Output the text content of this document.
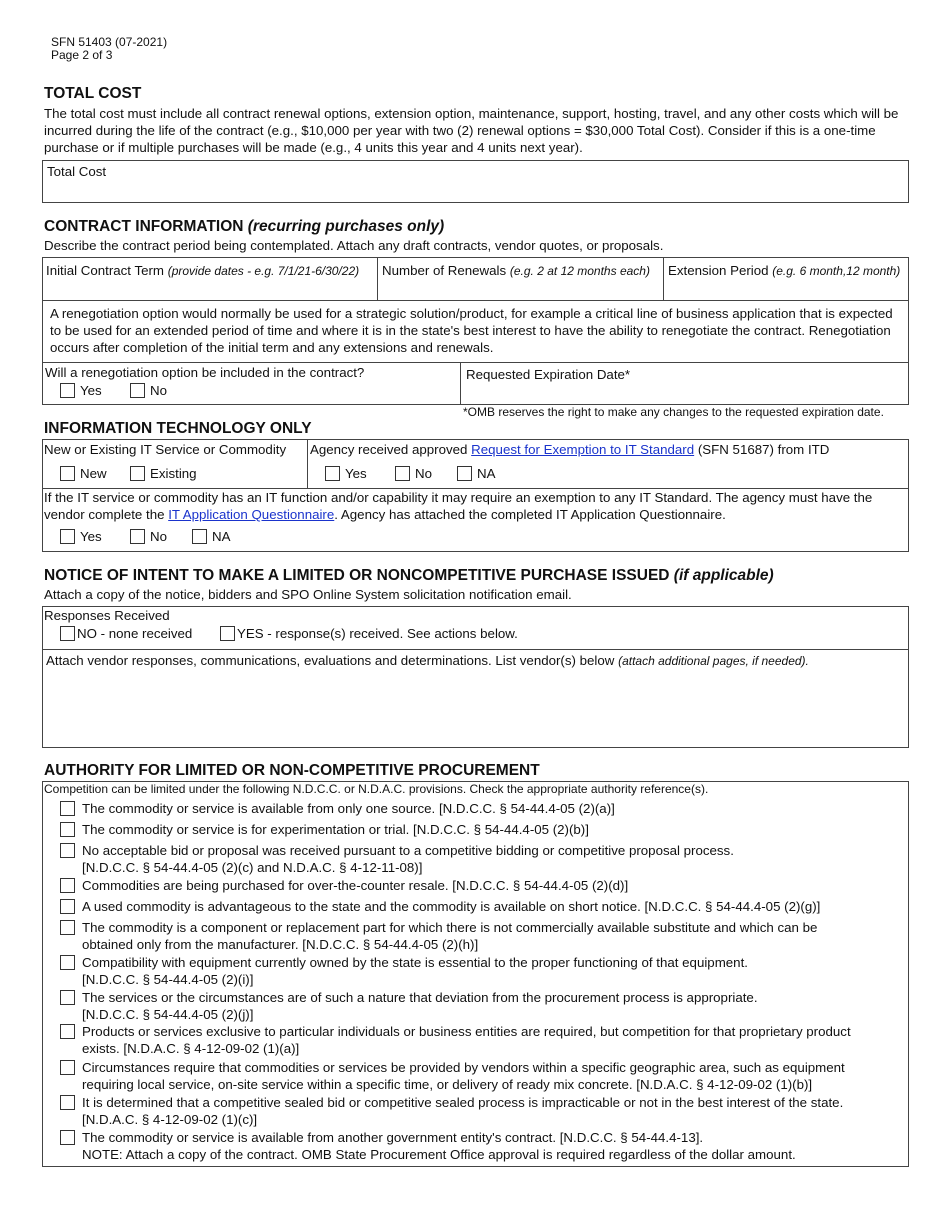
SFN 51403 (07-2021)
Page 2 of 3
TOTAL COST
The total cost must include all contract renewal options, extension option, maintenance, support, hosting, travel, and any other costs which will be incurred during the life of the contract (e.g., $10,000 per year with two (2) renewal options = $30,000 Total Cost). Consider if this is a one-time purchase or if multiple purchases will be made (e.g., 4 units this year and 4 units next year).
Total Cost
CONTRACT INFORMATION (recurring purchases only)
Describe the contract period being contemplated. Attach any draft contracts, vendor quotes, or proposals.
Initial Contract Term (provide dates - e.g. 7/1/21-6/30/22) Number of Renewals (e.g. 2 at 12 months each) Extension Period (e.g. 6 month,12 month)
A renegotiation option would normally be used for a strategic solution/product, for example a critical line of business application that is expected to be used for an extended period of time and where it is in the state's best interest to have the ability to renegotiate the contract. Renegotiation occurs after completion of the initial term and any extensions and renewals.
Will a renegotiation option be included in the contract?
Yes	No
Requested Expiration Date*
*OMB reserves the right to make any changes to the requested expiration date.
INFORMATION TECHNOLOGY ONLY
New or Existing IT Service or Commodity
New	Existing
Agency received approved Request for Exemption to IT Standard (SFN 51687) from ITD
Yes	No	NA
If the IT service or commodity has an IT function and/or capability it may require an exemption to any IT Standard. The agency must have the vendor complete the IT Application Questionnaire. Agency has attached the completed IT Application Questionnaire.
Yes	No	NA
NOTICE OF INTENT TO MAKE A LIMITED OR NONCOMPETITIVE PURCHASE ISSUED (if applicable)
Attach a copy of the notice, bidders and SPO Online System solicitation notification email.
Responses Received
NO - none received	YES - response(s) received. See actions below.
Attach vendor responses, communications, evaluations and determinations. List vendor(s) below (attach additional pages, if needed).
AUTHORITY FOR LIMITED OR NON-COMPETITIVE PROCUREMENT
Competition can be limited under the following N.D.C.C. or N.D.A.C. provisions. Check the appropriate authority reference(s).
The commodity or service is available from only one source. [N.D.C.C. § 54-44.4-05 (2)(a)]
The commodity or service is for experimentation or trial. [N.D.C.C. § 54-44.4-05 (2)(b)]
No acceptable bid or proposal was received pursuant to a competitive bidding or competitive proposal process.
[N.D.C.C. § 54-44.4-05 (2)(c) and N.D.A.C. § 4-12-11-08)]
Commodities are being purchased for over-the-counter resale. [N.D.C.C. § 54-44.4-05 (2)(d)]
A used commodity is advantageous to the state and the commodity is available on short notice. [N.D.C.C. § 54-44.4-05 (2)(g)]
The commodity is a component or replacement part for which there is not commercially available substitute and which can be
obtained only from the manufacturer. [N.D.C.C. § 54-44.4-05 (2)(h)]
Compatibility with equipment currently owned by the state is essential to the proper functioning of that equipment.
[N.D.C.C. § 54-44.4-05 (2)(i)]
The services or the circumstances are of such a nature that deviation from the procurement process is appropriate.
[N.D.C.C. § 54-44.4-05 (2)(j)]
Products or services exclusive to particular individuals or business entities are required, but competition for that proprietary product
exists. [N.D.A.C. § 4-12-09-02 (1)(a)]
Circumstances require that commodities or services be provided by vendors within a specific geographic area, such as equipment
requiring local service, on-site service within a specific time, or delivery of ready mix concrete. [N.D.A.C. § 4-12-09-02 (1)(b)]
It is determined that a competitive sealed bid or competitive sealed process is impracticable or not in the best interest of the state.
[N.D.A.C. § 4-12-09-02 (1)(c)]
The commodity or service is available from another government entity's contract. [N.D.C.C. § 54-44.4-13].
NOTE: Attach a copy of the contract. OMB State Procurement Office approval is required regardless of the dollar amount.
